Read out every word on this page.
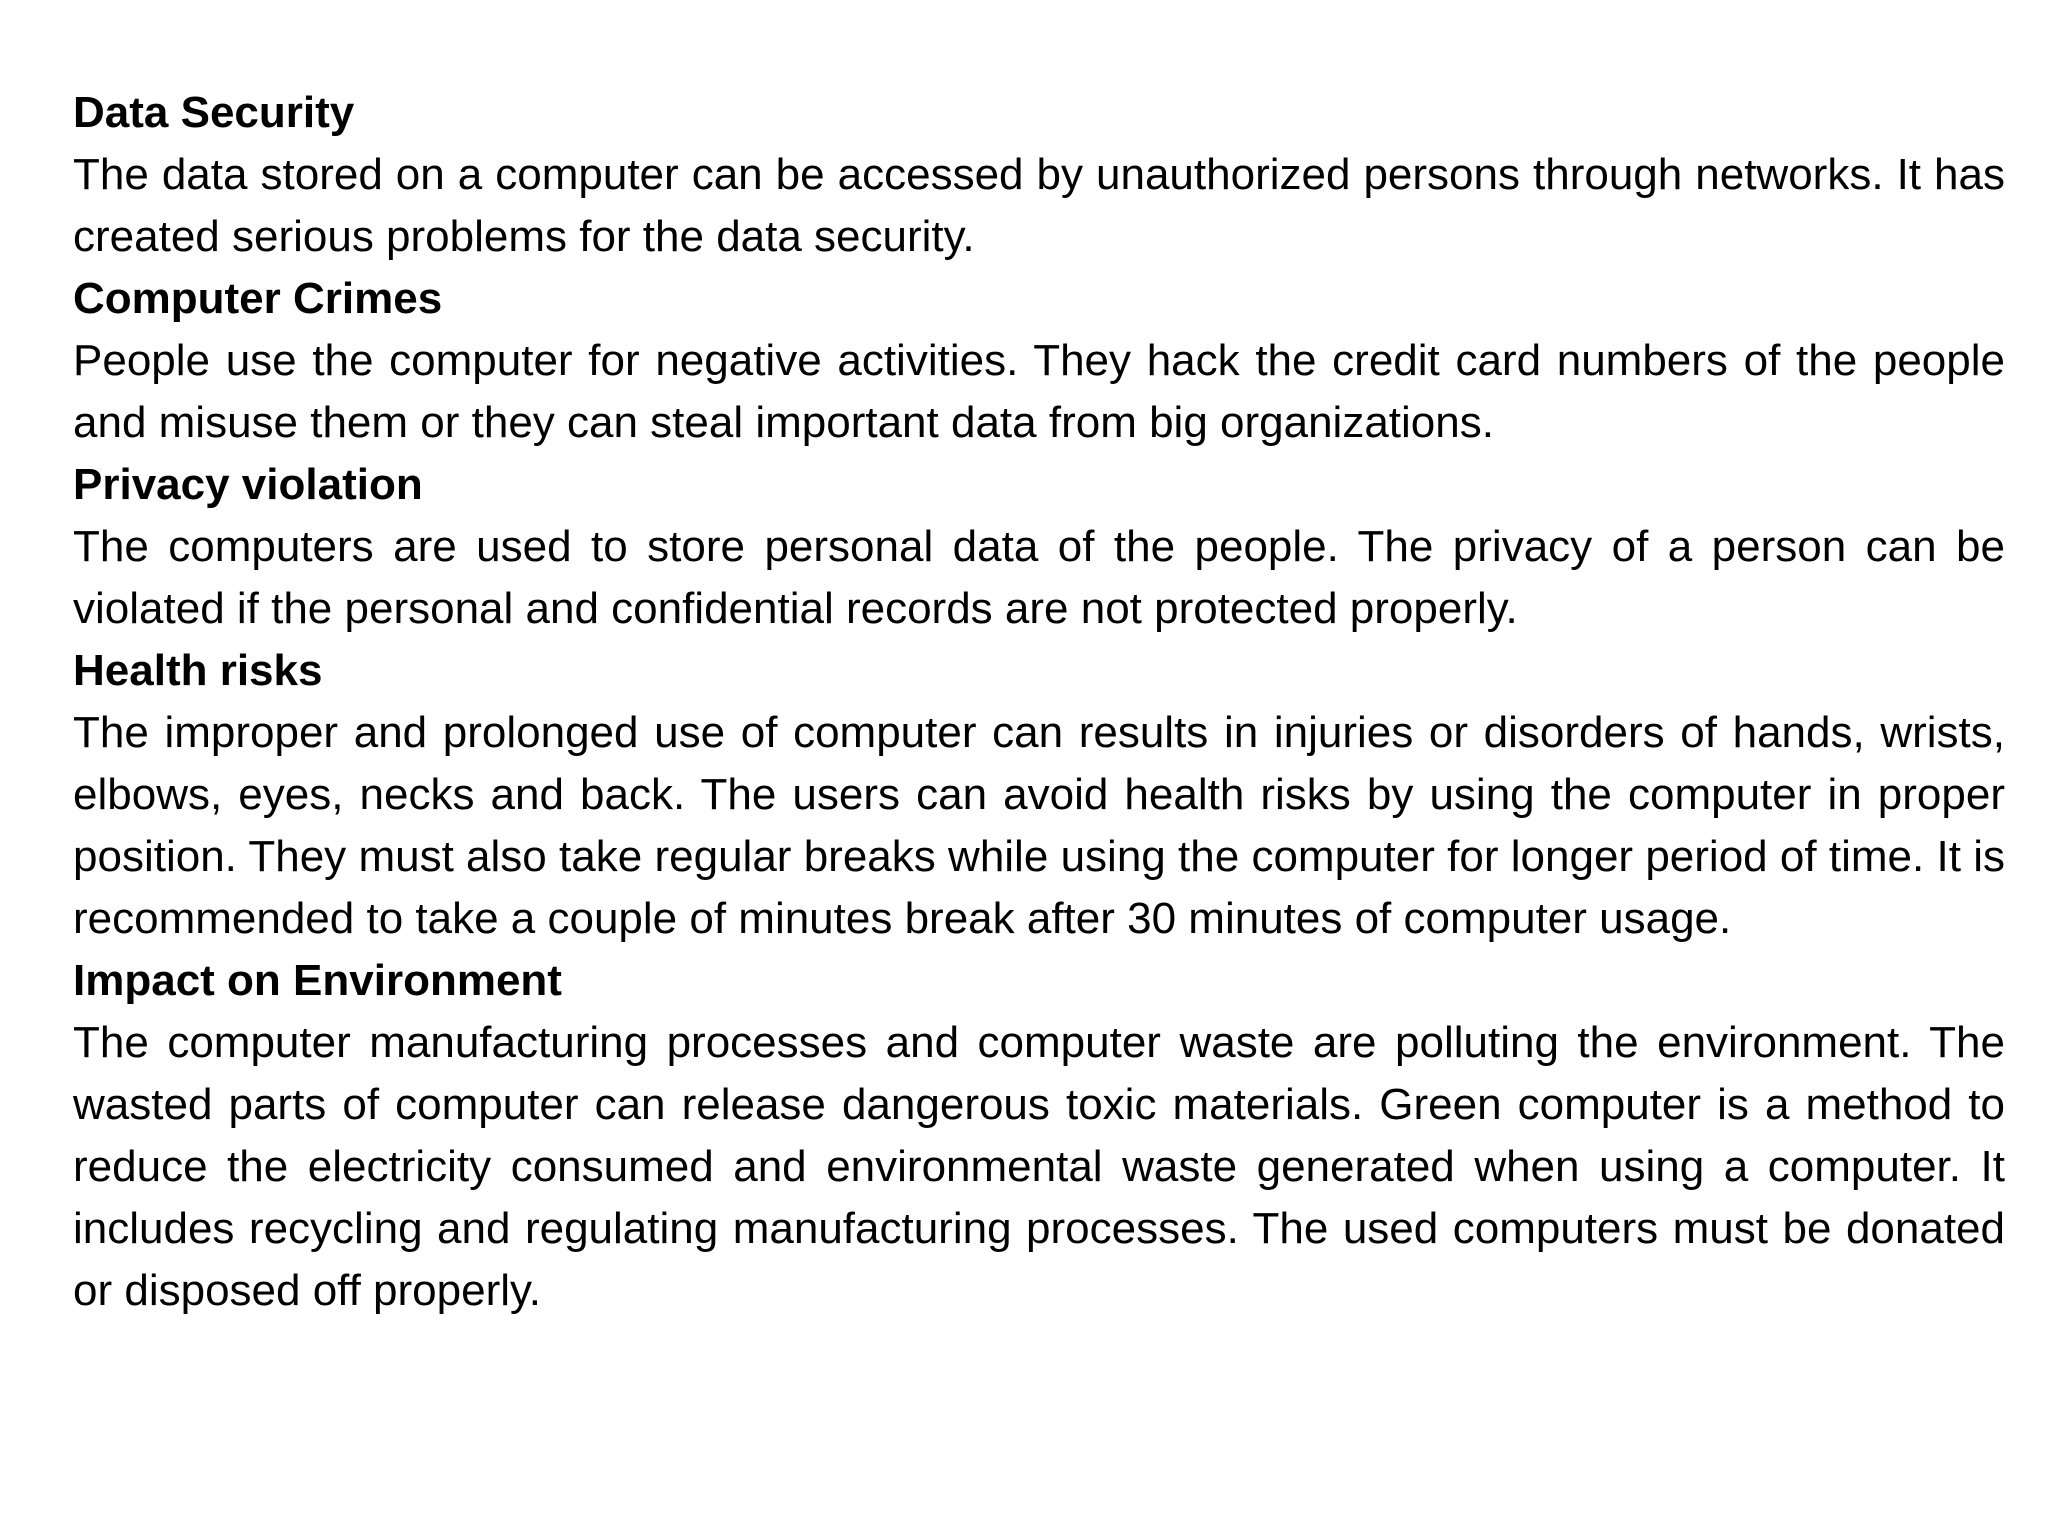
Data Security

The data stored on a computer can be accessed by unauthorized persons through networks. It has created serious problems for the data security.

Computer Crimes

People use the computer for negative activities. They hack the credit card numbers of the people and misuse them or they can steal important data from big organizations.

Privacy violation

The computers are used to store personal data of the people. The privacy of a person can be violated if the personal and confidential records are not protected properly.

Health risks

The improper and prolonged use of computer can results in injuries or disorders of hands, wrists, elbows, eyes, necks and back. The users can avoid health risks by using the computer in proper position. They must also take regular breaks while using the computer for longer period of time. It is recommended to take a couple of minutes break after 30 minutes of computer usage.

Impact on Environment

The computer manufacturing processes and computer waste are polluting the environment. The wasted parts of computer can release dangerous toxic materials. Green computer is a method to reduce the electricity consumed and environmental waste generated when using a computer. It includes recycling and regulating manufacturing processes. The used computers must be donated or disposed off properly.
